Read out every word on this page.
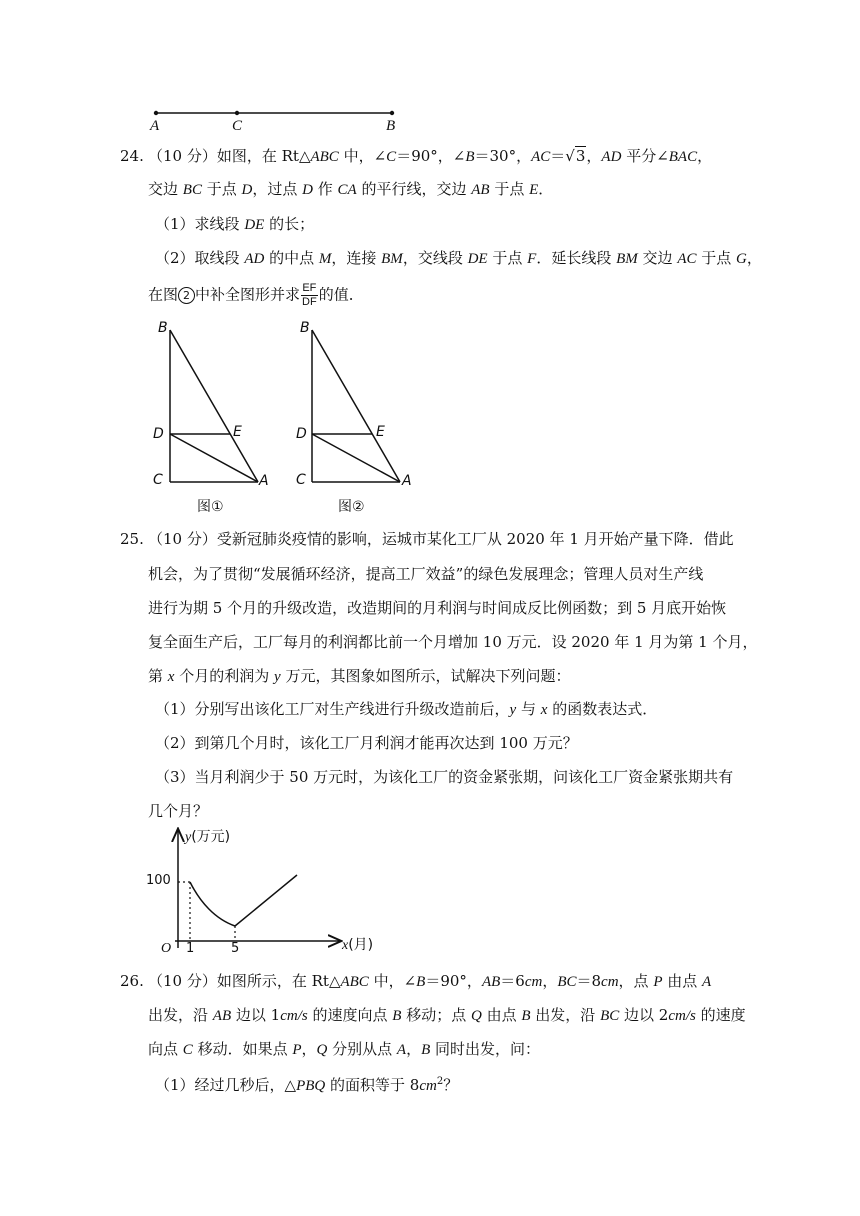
A	C	B
24. （10 分）如图，在 Rt△ABC 中，∠C＝90°，∠B＝30°，AC＝√3，AD 平分∠BAC，
交边 BC 于点 D，过点 D 作 CA 的平行线，交边 AB 于点 E．
（1）求线段 DE 的长；
（2）取线段 AD 的中点 M，连接 BM，交线段 DE 于点 F．延长线段 BM 交边 AC 于点 G，
在图 2 中补全图形并求 $\frac{EF}{DF}$ 的值．
B
D	E
C	A
图①
B
D	E
C	A
图②
25. （10 分）受新冠肺炎疫情的影响，运城市某化工厂从 2020 年 1 月开始产量下降．借此
机会，为了贯彻“发展循环经济，提高工厂效益”的绿色发展理念；管理人员对生产线
进行为期 5 个月的升级改造，改造期间的月利润与时间成反比例函数；到 5 月底开始恢
复全面生产后，工厂每月的利润都比前一个月增加 10 万元．设 2020 年 1 月为第 1 个月，
第 x 个月的利润为 y 万元，其图象如图所示，试解决下列问题：
（1）分别写出该化工厂对生产线进行升级改造前后，y 与 x 的函数表达式．
（2）到第几个月时，该化工厂月利润才能再次达到 100 万元？
（3）当月利润少于 50 万元时，为该化工厂的资金紧张期，问该化工厂资金紧张期共有
几个月？
y(万元)
x(月)
O
100
1	5
26. （10 分）如图所示，在 Rt△ABC 中，∠B＝90°，AB＝6cm，BC＝8cm，点 P 由点 A
出发，沿 AB 边以 1cm/s 的速度向点 B 移动；点 Q 由点 B 出发，沿 BC 边以 2cm/s 的速度
向点 C 移动．如果点 P，Q 分别从点 A，B 同时出发，问：
（1）经过几秒后，△PBQ 的面积等于 $8cm^2$？
